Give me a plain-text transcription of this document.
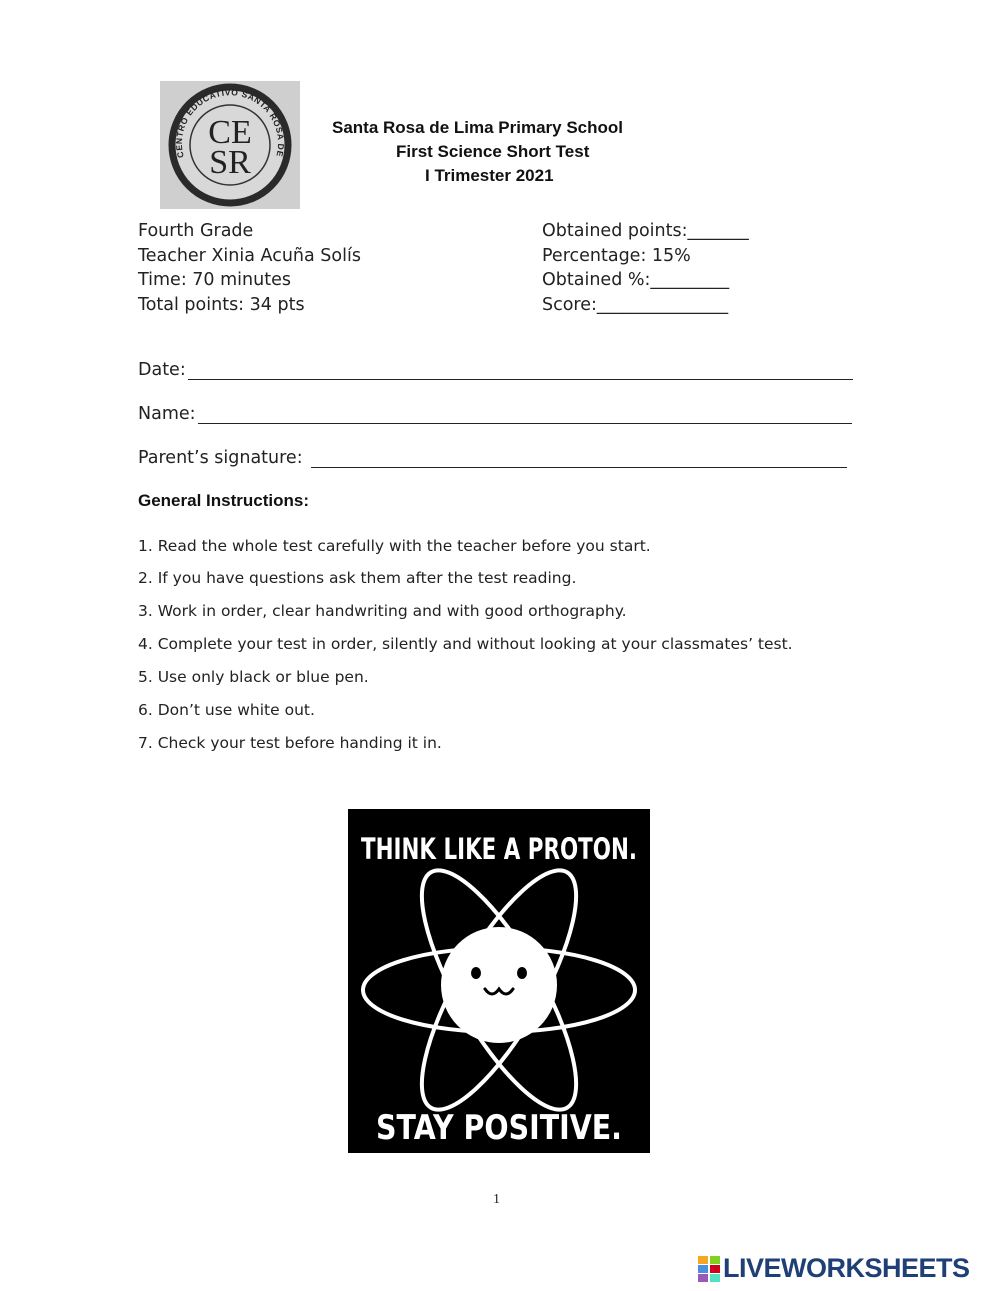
CENTRO EDUCATIVO SANTA ROSA DE
CE
SR
Santa Rosa de Lima Primary School
First Science Short Test
I Trimester 2021
Fourth Grade
Teacher Xinia Acuña Solís
Time: 70 minutes
Total points: 34 pts
Obtained points:_______
Percentage: 15%
Obtained %:_________
Score:_______________
Date:
Name:
Parent’s signature:
General Instructions:
1. Read the whole test carefully with the teacher before you start.
2. If you have questions ask them after the test reading.
3. Work in order, clear handwriting and with good orthography.
4. Complete your test in order, silently and without looking at your classmates’ test.
5. Use only black or blue pen.
6. Don’t use white out.
7. Check your test before handing it in.
THINK LIKE A PROTON.
STAY POSITIVE.
1
LIVEWORKSHEETS
